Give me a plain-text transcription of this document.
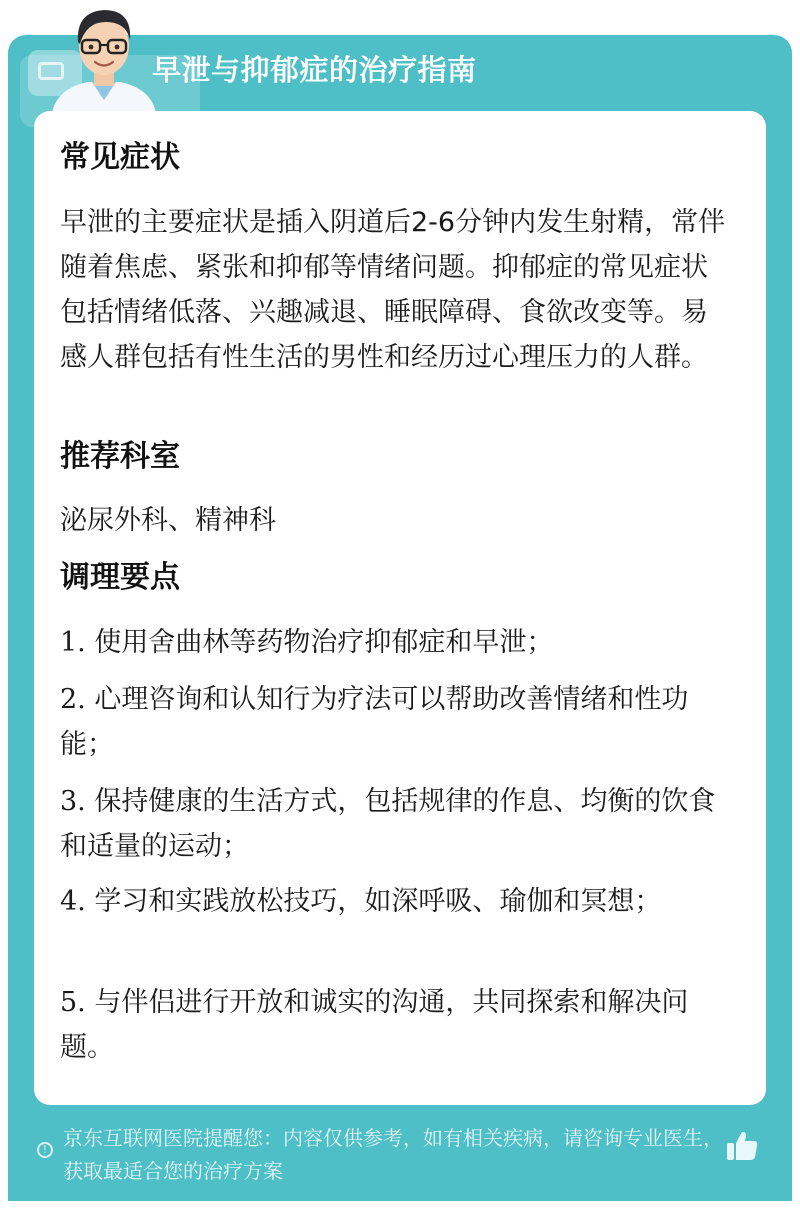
早泄与抑郁症的治疗指南
常见症状
早泄的主要症状是插入阴道后2-6分钟内发生射精，常伴随着焦虑、紧张和抑郁等情绪问题。抑郁症的常见症状包括情绪低落、兴趣减退、睡眠障碍、食欲改变等。易感人群包括有性生活的男性和经历过心理压力的人群。
推荐科室
泌尿外科、精神科
调理要点
1. 使用舍曲林等药物治疗抑郁症和早泄；
2. 心理咨询和认知行为疗法可以帮助改善情绪和性功能；
3. 保持健康的生活方式，包括规律的作息、均衡的饮食和适量的运动；
4. 学习和实践放松技巧，如深呼吸、瑜伽和冥想；
5. 与伴侣进行开放和诚实的沟通，共同探索和解决问题。
! 京东互联网医院提醒您：内容仅供参考，如有相关疾病，请咨询专业医生，获取最适合您的治疗方案
